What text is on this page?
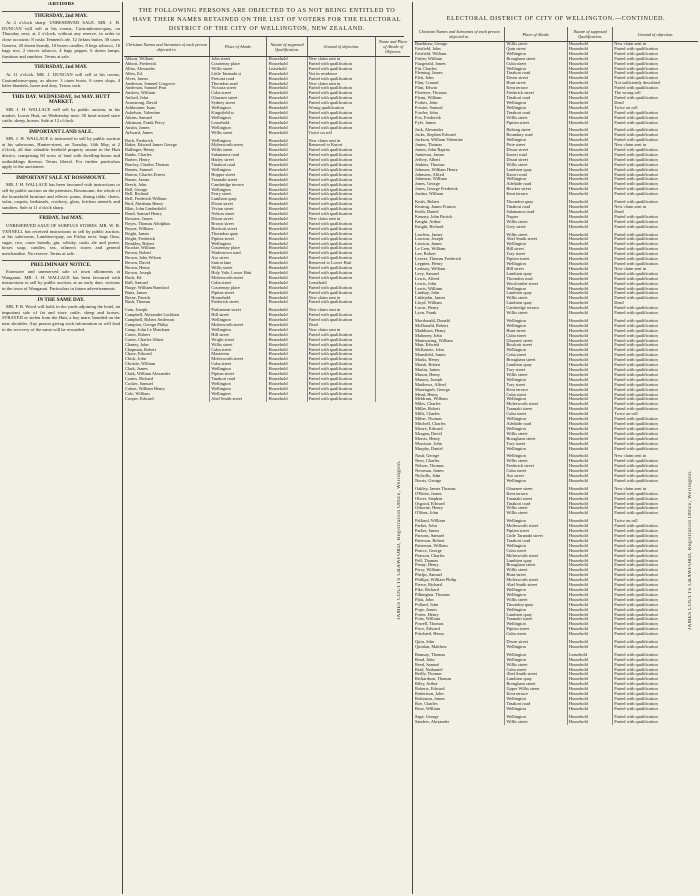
Auctions
THURSDAY, 2nd MAY.

At 2 o'clock sharp. UNRESERVED SALE. MR. J. H. DUNCAN will sell at his rooms, Customhouse-quay, on Thursday next, at 2 o'clock, without any reserve, in order to close accounts: 8 casks Tennent's ale, 12 firkins butter, 30 cases Geneva, 20 dozen brandy, 10 boxes candles, 8 kegs tobacco, 16 bags rice, 2 tierces tobacco, 4 bags pepper, 6 dozen lamps, furniture and sundries. Terms at sale.

THURSDAY, 2nd MAY.

At 11 o'clock. MR. J. DUNCAN will sell at his rooms, Customhouse-quay, as above: 3 cases boots, 6 cases slops, 4 bales blankets, horse and dray. Terms cash.

THIS DAY. WEDNESDAY, 1st MAY. HUTT MARKET.

MR. J. H. WALLACE will sell by public auction, in his market, Lower Hutt, on Wednesday next: 50 head mixed store cattle, sheep, horses. Sale at 12 o'clock.

IMPORTANT LAND SALE.

MR. J. H. WALLACE is instructed to sell by public auction at his salerooms, Hunter-street, on Tuesday, 14th May, at 2 o'clock, all that valuable freehold property situate in the Hutt district, comprising 60 acres of land with dwelling-house and outbuildings thereon. Terms liberal. For further particulars apply to the auctioneer.

IMPORTANT SALE AT ROSSMOUNT.

MR. J. H. WALLACE has been favoured with instructions to sell by public auction on the premises, Rossmount, the whole of the household furniture and effects: piano, dining table, chairs, sofas, carpets, bedsteads, crockery, glass, kitchen utensils and sundries. Sale at 11 o'clock sharp.

FRIDAY, 3rd MAY.

UNRESERVED SALE OF SURPLUS STORES. MR. W. B. VENNELL has received instructions to sell by public auction, at his salerooms, Lambton-quay, on Friday next: bags flour, sugar, rice, cases brandy, gin, whisky, casks ale and porter, boxes soap, candles, tea, oilmen's stores and general merchandise. No reserve. Terms at sale.

PRELIMINARY NOTICE.

Extensive and unreserved sale of town allotments at Wanganui. MR. J. H. WALLACE has been favoured with instructions to sell by public auction, at an early date, sections in the town of Wanganui. Particulars in future advertisements.

IN THE SAME DAY.

MR. F. R. Wood will hold, in the yards adjoining the hotel, an important sale of fat and store cattle, sheep and horses. STRAYED or stolen from the Hutt, a bay mare, branded on the near shoulder. Any person giving such information as will lead to the recovery of the same will be rewarded.

THE FOLLOWING PERSONS ARE OBJECTED TO AS NOT BEING ENTITLED TO HAVE THEIR NAMES RETAINED ON THE LIST OF VOTERS FOR THE ELECTORAL DISTRICT OF THE CITY OF WELLINGTON, NEW ZEALAND.
Christian Names and Surnames of each person objected to.	Place of Abode.	Nature of supposed Qualification.	Ground of objection.	Name and Place of Abode of Objector.
Abbott, William	John street	Household	New claim sent in	
Abbott, Frederick	Courtenay place	Household	Parted with qualification	
Allan, Alexander	Willis street	Leasehold	Parted with qualification	
Allen, Ed.	Little Taranaki st	Household	Not in residence	
Alves, James	Pretoria road	Household	Parted with qualification	
Anderson, Samuel Cosgrove	Thorndon road	Household	New claim sent in	
Anderson, Samuel Peat	Victoria street	Household	Parted with qualification	
Andrew, William	Cuba street	Household	Parted with qualification	
Anford, John	Ghuznee street	Household	Parted with qualification	
Armstrong, David	Sydney street	Household	Parted with qualification	
Ashbourne, Isaac	Wellington	Household	Wrong qualification	
Askelson, Valentine	Kingsfield st	Household	Parted with qualification	
Atkins, Samuel	Wellington	Household	Parted with qualification	
Atkinson, Frank Percy	Leasehold	Household	Parted with qualification	
Austin, James	Wellington	Household	Parted with qualification	
Aylward, James	Willis street	Household	Twice on roll	

Bach, Frederick	Wellington	Household	New claim sent in	
Baker, Edward James George	Molesworth street	Household	Removed to Karori	
Ballinger, Henry	Willis street	Household	Parted with qualification	
Banks, Charles	Salamanca road	Household	Parted with qualification	
Barber, Henry	Harley street	Household	Parted with qualification	
Barclay, Charles Thomas	Tinakori road	Household	Parted with qualification	
Barnes, Samuel	Wellington	Household	Parted with qualification	
Barton, Charles Ernest	Hopper street	Household	Parted with qualification	
Bassie, James	Taranaki street	Household	Parted with qualification	
Beech, John	Cambridge terrace	Household	Parted with qualification	
Bell, George	Wellington	Household	Parted with qualification	
Bell, Richard	Ferry street	Household	Parted with qualification	
Bell, Frederick William	Lambton quay	Household	Parted with qualification	
Bird, Abraham Henry	Dixon street	Household	Parted with qualification	
Blair, John Lindenfield	Vivian street	Household	Parted with qualification	
Bond, Samuel Henry	Nelson street	Household	Parted with qualification	
Bowater, James	Dixon street	Household	New claim sent in	
Boyes, Thomas Adolphus	Brown street	Household	Parted with qualification	
Boyne, William	Boulcott street	Household	Parted with qualification	
Bright, James	Thorndon quay	Household	Parted with qualification	
Bright, Frederick	Pipitea street	Household	Parted with qualification	
Brinkley, Robert	Wellington	Household	Parted with qualification	
Brockie, William	Courtenay place	Household	Parted with qualification	
Brown, Robert	Wadestown road	Household	Parted with qualification	
Brown, John Wilson	Aro street	Household	Parted with qualification	
Brown, David	Sutton lane	Household	Removed to Lower Hutt	
Brown, Henry	Willis street	Household	Parted with qualification	
Brown, Joseph	Holy Vale, Lower Hutt	Household	Parted with qualification	
Buck, Ed.	Molesworth street	Household	Parted with qualification	
Bull, Samuel	Cuba street	Household	Leasehold	
Burge, William Bamford	Courtenay place	Household	Parted with qualification	
Butts, James	Pipitea street	Household	Parted with qualification	
Byrne, Patrick	Household	Household	New claim sent in	
Bush, Thomas	Frederick street	Household	Parted with qualification	

Cain, Joseph	Parliament street	Household	New claim sent in	
Campbell, Alexander Lockhart	Hill street	Household	Parted with qualification	
Campbell, Robert Anderson	Wellington	Household	Parted with qualification	
Campion, George Philip	Molesworth street	Household	Dead	
Camp, John Le Marchant	Wellington	Household	New claim sent in	
Carter, Robert	Hill street	Household	Parted with qualification	
Carter, Charles Albert	Wright street	Household	Parted with qualification	
Chaney, John	Willis street	Household	Parted with qualification	
Chapman, Robert	Cuba street	Household	Parted with qualification	
Chase, Edward	Masterton	Household	Parted with qualification	
Chick, John	Molesworth street	Household	Parted with qualification	
Christie, William	Cuba street	Household	Parted with qualification	
Clark, James	Wellington	Household	Parted with qualification	
Clark, William Alexander	Pipitea street	Household	Parted with qualification	
Coates, Richard	Tinakori road	Household	Parted with qualification	
Cocker, Samuel	Wellington	Household	Parted with qualification	
Cohen, William Henry	Wellington	Household	Parted with qualification	
Cole, William	Wellington	Household	Parted with qualification	
Cooper, Edward	Abel Smith street	Household	Parted with qualification	
JAMES COUTTS CRAWFORD, Registration Office, Wellington.
ELECTORAL DISTRICT OF CITY OF WELLINGTON.—CONTINUED.
Christian Names and Surnames of each person objected to.	Place of Abode.	Nature of supposed Qualification.	Ground of objection.
Bradshaw, George	Willis street	Household	New claim sent in
Fairfield, John	Quin street	Household	Parted with qualification
Fairfield, William	Wellington	Household	Parted with qualification
Fisher, William	Brougham street	Household	Parted with qualification
Fitzgerald, James	Cuba street	Household	Parted with qualification
Fitt, Charles	Wellington	Household	Parted with qualification
Fleming, James	Tinakori road	Household	Parted with qualification
Flett, John	Dixon street	Household	Parted with qualification
Flint, Conrad	Hunt street	Household	Not sufficiently described
Flint, Edwin	Kent terrace	Household	Parted with qualification
Florence, Thomas	Frederick street	Household	The wrong roll
Flynn, William	Tinakori road	Household	Parted with qualification
Forbes, John	Wellington	Household	Dead
Forster, Samuel	Wellington	Household	Twice on roll
Fowler, John	Tinakori road	Household	Parted with qualification
Fox, Frederick	Willis street	Household	Parted with qualification
Fyfe, James	Pipitea street	Household	Parted with qualification

Jack, Alexander	Halsing street	Household	Parted with qualification
Jacks, Stephen Edward	Boundary road	Household	Parted with qualification
Jackson, William Valentine	Wellington	Household	Parted with qualification
James, Thomas	Pirie street	Household	New claim sent in
James, John Baptist	Dixon street	Household	Parted with qualification
Jamieson, James	Karori road	Household	Parted with qualification
Jeffery, Albert	Dixon street	Household	Parted with qualification
Jenkins, Thomas	Willis street	Household	Parted with qualification
Johnson, William Henry	Lambton quay	Household	Parted with qualification
Johnston, Alfred	Karori road	Household	Parted with qualification
Johnston, William	Wellington	Household	Parted with qualification
Jones, George	Adelaide road	Household	Parted with qualification
Jones, George Frederick	Hawker street	Household	Parted with qualification
Jordan, William	Kent terrace	Household	Parted with qualification

Keals, Robert	Thorndon quay	Household	Parted with qualification
Keating, James Francis	Tinakori road	Household	New claim sent in
Keith, Daniel	Salamanca road	Household	Dead
Kenney, John Patrick	Napier	Household	Parted with qualification
Knight, Arthur	Willis street	Household	Parted with qualification
Knight, Richard	Grey street	Household	Parted with qualification

Lawless, James	Willis street	Household	Parted with qualification
Lawson, Joseph	Abel Smith street	Household	Parted with qualification
Lawson, James	Wellington	Household	Parted with qualification
Le Cren, William	Hill street	Household	Parted with qualification
Lee, Robert	Tory street	Household	Parted with qualification
Leaver, Thomas Frederick	Pipitea street	Household	Parted with qualification
Leppien, Henry	Wellington	Household	Parted with qualification
Lesbury, William	Hill street	Household	New claim sent in
Levy, Samuel	Lambton quay	Household	Parted with qualification
Lewis, Alfred	Thorndon road	Household	Parted with qualification
Lewis, John	Woolcombe street	Household	Parted with qualification
Lewis, William	Wellington	Household	Parted with qualification
Lindsay, John	Lambton quay	Household	Parted with qualification
Littlejohn, James	Willis street	Household	Parted with qualification
Lloyd, William	Lambton quay	Household	Dead
Lucas, Henry	Cambridge terrace	Household	Parted with qualification
Lyon, Frank	Willis street	Household	Parted with qualification

Macdonald, Donald	Wellington	Household	Parted with qualification
McDonald, Robert	Wellington	Household	Parted with qualification
Maddison, Henry	Hunt street	Household	Parted with qualification
Mahoney, John	Cuba street	Household	Parted with qualification
Mainwaring, William	Ghuznee street	Household	Parted with qualification
Mair, Edward	Boulcott street	Household	Parted with qualification
McKenzie, John	Wellington	Household	Parted with qualification
Mansfield, James	Cuba street	Household	Parted with qualification
Marks, Henry	Brougham street	Household	Parted with qualification
Marsh, Robert	Lambton quay	Household	Parted with qualification
Martin, James	Tory street	Household	Parted with qualification
Mason, Henry	Willis street	Household	Parted with qualification
Massey, Joseph	Wellington	Household	Parted with qualification
Matthews, Alfred	Tory street	Household	Parted with qualification
Mazengarb, George	Kent terrace	Household	Parted with qualification
Mead, Henry	Cuba street	Household	Parted with qualification
Meldrum, William	Wellington	Household	Parted with qualification
Miles, Charles	Molesworth street	Household	Parted with qualification
Miller, Robert	Taranaki street	Household	Parted with qualification
Mills, Charles	Cuba street	Household	Twice on roll
Milne, Thomas	Wellington	Household	Parted with qualification
Mitchell, Charles	Adelaide road	Household	Parted with qualification
Moore, Edward	Wellington	Household	Parted with qualification
Morgan, David	Willis street	Household	Parted with qualification
Morris, Henry	Brougham street	Household	Parted with qualification
Morrison, John	Tory street	Household	Parted with qualification
Murphy, Daniel	Wellington	Household	Parted with qualification

Nash, George	Wellington	Household	New claim sent in
Nees, Charles	Willis street	Household	Parted with qualification
Nelson, Thomas	Frederick street	Household	Parted with qualification
Newman, James	Cuba street	Household	Parted with qualification
Nicholls, John	Aro street	Household	Parted with qualification
Norris, George	Wellington	Household	Parted with qualification

Oakley, James Thomas	Ghuznee street	Household	New claim sent in
O'Brien, James	Kent terrace	Household	Parted with qualification
Oliver, Stephen	Taranaki street	Household	Parted with qualification
Osgood, Edward	Tinakori road	Household	Parted with qualification
Osborne, Henry	Willis street	Household	Parted with qualification
O'Shea, John	Willis street	Household	Parted with qualification

Palliard, William	Wellington	Household	Twice on roll
Parker, John	Molesworth street	Household	Parted with qualification
Parker, James	Pipitea street	Household	Parted with qualification
Parsons, Samuel	Little Taranaki street	Household	Parted with qualification
Paterson, Robert	Tinakori road	Household	Parted with qualification
Patterson, William	Wellington	Household	Parted with qualification
Pearce, George	Cuba street	Household	Parted with qualification
Pearson, Charles	Molesworth street	Household	Parted with qualification
Pell, Thomas	Lambton quay	Household	Parted with qualification
Penny, Henry	Brougham street	Household	Parted with qualification
Perry, William	Willis street	Household	Parted with qualification
Phelps, Samuel	Hunt street	Household	Parted with qualification
Phillips, William Philip	Molesworth street	Household	Parted with qualification
Pierce, Richard	Abel Smith street	Household	Parted with qualification
Pike, Richard	Wellington	Household	Parted with qualification
Pilkington, Thomas	Wellington	Household	Parted with qualification
Platt, John	Willis street	Household	Parted with qualification
Pollard, John	Thorndon quay	Household	Parted with qualification
Pope, James	Wellington	Household	Parted with qualification
Porter, Henry	Lambton quay	Household	Parted with qualification
Potts, William	Taranaki street	Household	Parted with qualification
Powell, Thomas	Wellington	Household	Parted with qualification
Price, Edward	Pipitea street	Household	Parted with qualification
Pritchard, Henry	Cuba street	Household	Parted with qualification

Quin, John	Dixon street	Household	Parted with qualification
Quinlan, Matthew	Wellington	Household	Parted with qualification

Ramsay, Thomas	Wellington	Leasehold	Parted with qualification
Read, John	Wellington	Household	Parted with qualification
Reed, Samuel	Willis street	Household	Parted with qualification
Reid, Nathaniel	Cuba street	Household	Parted with qualification
Reilly, Thomas	Abel Smith street	Household	Parted with qualification
Richardson, Thomas	Lambton quay	Household	Parted with qualification
Riley, Arthur	Brougham street	Household	Parted with qualification
Roberts, Edward	Upper Willis street	Household	Parted with qualification
Robertson, John	Kent terrace	Household	Parted with qualification
Robinson, James	Wellington	Household	Parted with qualification
Roe, Charles	Tinakori road	Household	Parted with qualification
Rose, William	Wellington	Household	Parted with qualification

Sage, George	Wellington	Household	Parted with qualification
Sanders, Alexander	Willis street	Household	Parted with qualification
JAMES COUTTS CRAWFORD, Registration Office, Wellington.
